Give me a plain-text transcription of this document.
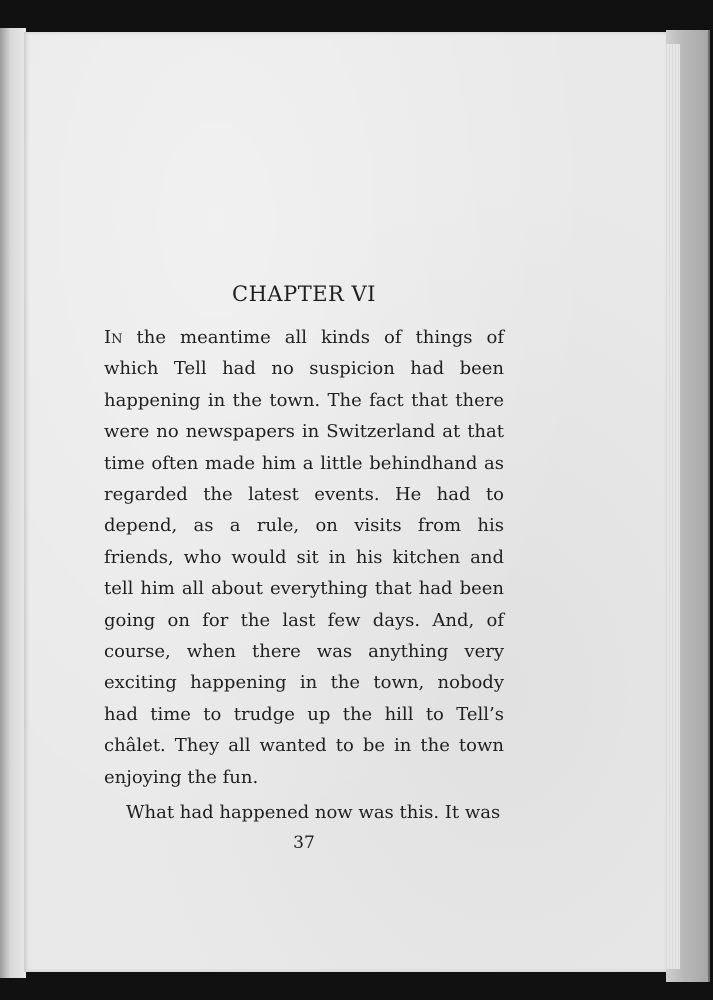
CHAPTER VI

In the meantime all kinds of things of which Tell had no suspicion had been happening in the town. The fact that there were no newspapers in Switzerland at that time often made him a little behindhand as regarded the latest events. He had to depend, as a rule, on visits from his friends, who would sit in his kitchen and tell him all about everything that had been going on for the last few days. And, of course, when there was anything very exciting happening in the town, nobody had time to trudge up the hill to Tell’s châlet. They all wanted to be in the town enjoying the fun.

What had happened now was this. It was

37
